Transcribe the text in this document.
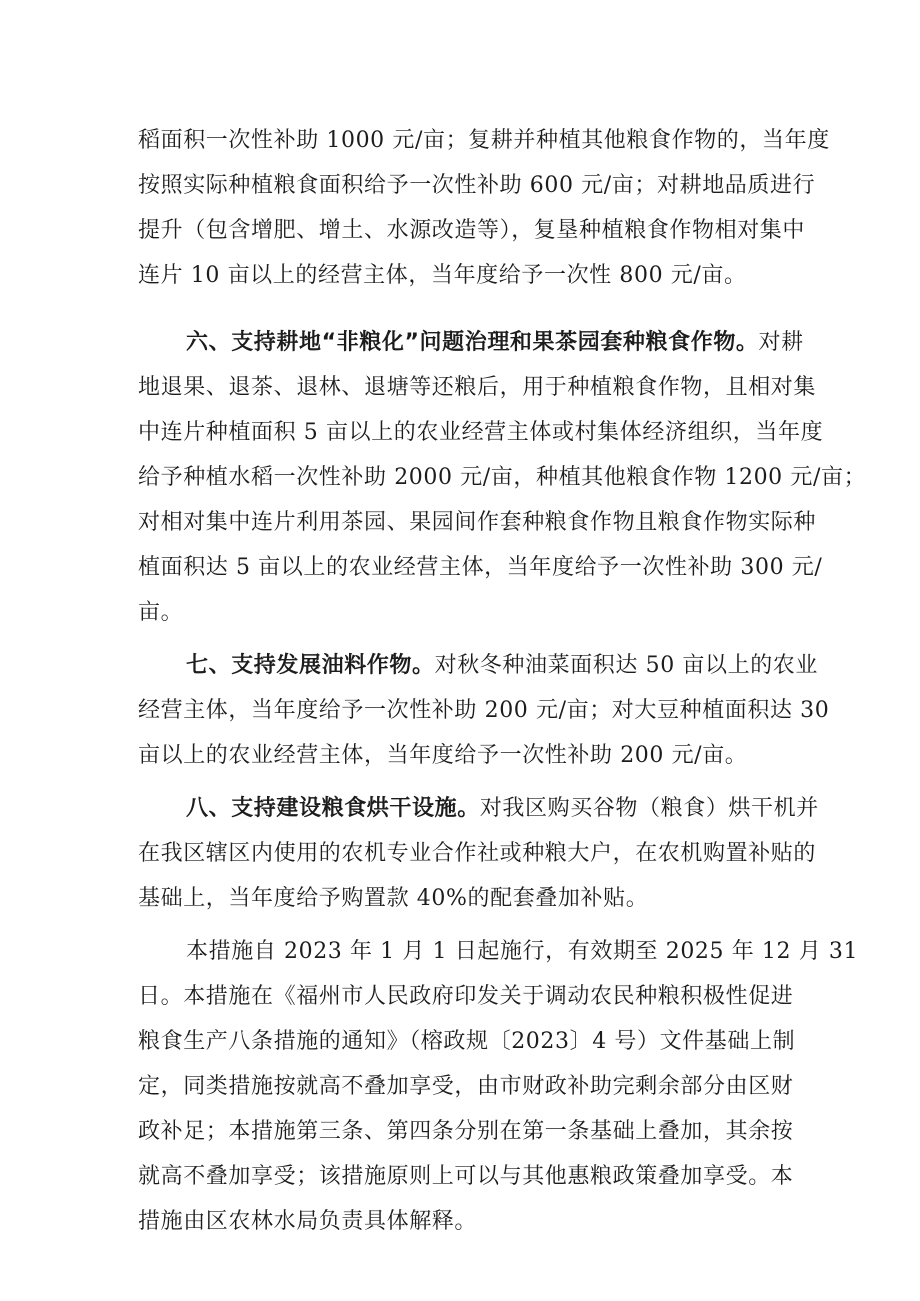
稻面积一次性补助 1000 元/亩；复耕并种植其他粮食作物的，当年度
按照实际种植粮食面积给予一次性补助 600 元/亩；对耕地品质进行
提升（包含增肥、增土、水源改造等），复垦种植粮食作物相对集中
连片 10 亩以上的经营主体，当年度给予一次性 800 元/亩。
六、支持耕地“非粮化”问题治理和果茶园套种粮食作物。对耕
地退果、退茶、退林、退塘等还粮后，用于种植粮食作物，且相对集
中连片种植面积 5 亩以上的农业经营主体或村集体经济组织，当年度
给予种植水稻一次性补助 2000 元/亩，种植其他粮食作物 1200 元/亩；
对相对集中连片利用茶园、果园间作套种粮食作物且粮食作物实际种
植面积达 5 亩以上的农业经营主体，当年度给予一次性补助 300 元/
亩。
七、支持发展油料作物。对秋冬种油菜面积达 50 亩以上的农业
经营主体，当年度给予一次性补助 200 元/亩；对大豆种植面积达 30
亩以上的农业经营主体，当年度给予一次性补助 200 元/亩。
八、支持建设粮食烘干设施。对我区购买谷物（粮食）烘干机并
在我区辖区内使用的农机专业合作社或种粮大户，在农机购置补贴的
基础上，当年度给予购置款 40%的配套叠加补贴。
本措施自 2023 年 1 月 1 日起施行，有效期至 2025 年 12 月 31
日。本措施在《福州市人民政府印发关于调动农民种粮积极性促进
粮食生产八条措施的通知》（榕政规〔2023〕4 号）文件基础上制
定，同类措施按就高不叠加享受，由市财政补助完剩余部分由区财
政补足；本措施第三条、第四条分别在第一条基础上叠加，其余按
就高不叠加享受；该措施原则上可以与其他惠粮政策叠加享受。本
措施由区农林水局负责具体解释。
